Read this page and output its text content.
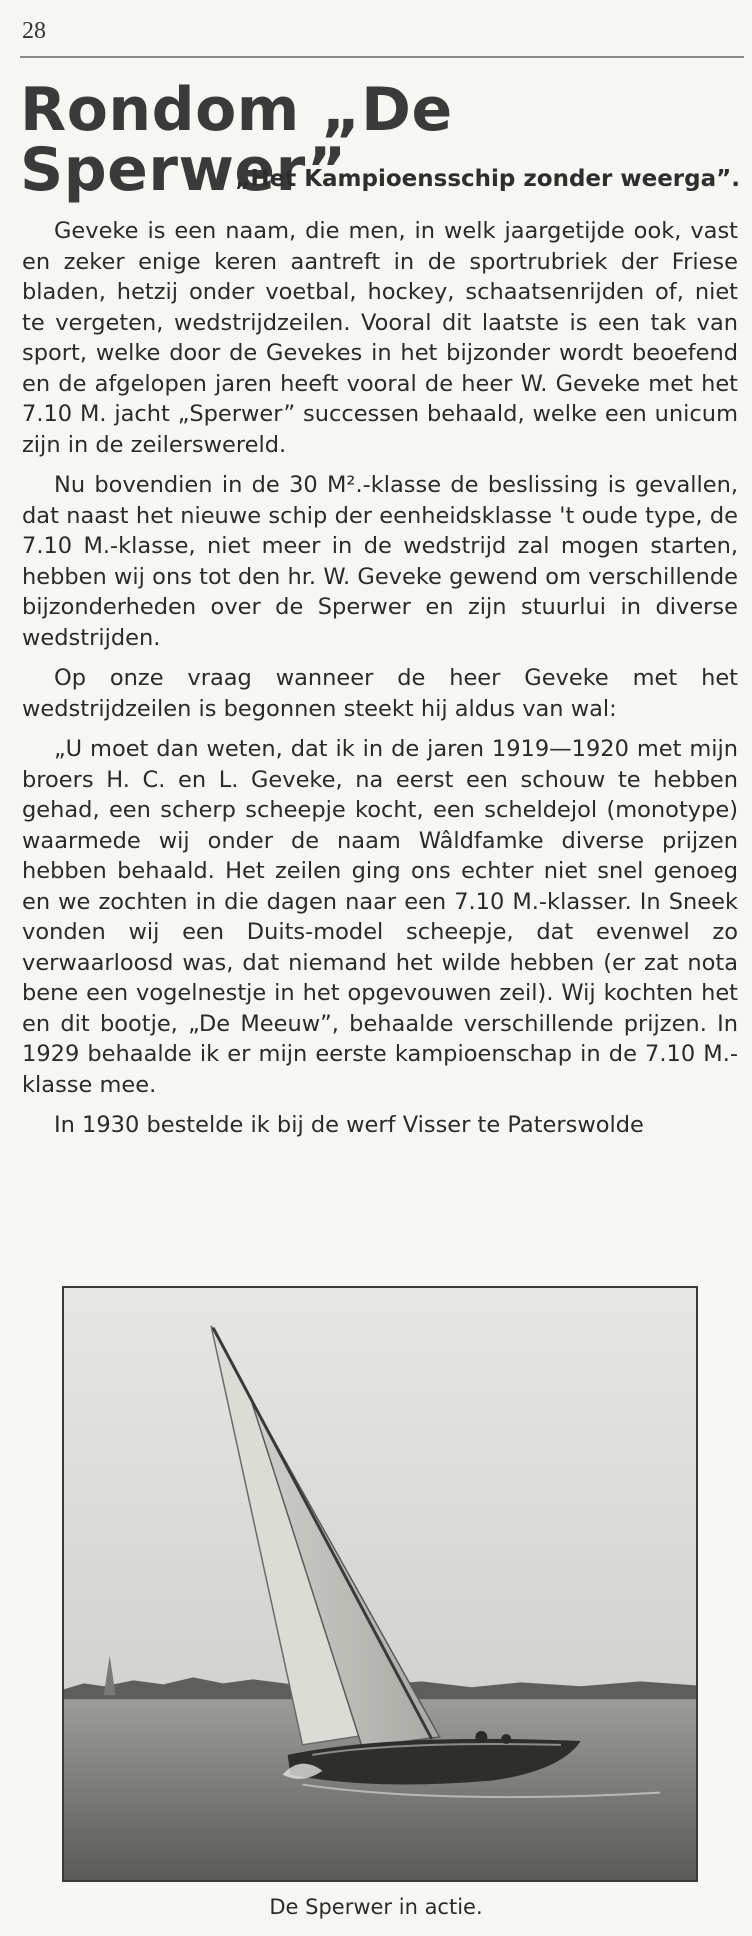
28
Rondom „De Sperwer”
„Het Kampioensschip zonder weerga”.

Geveke is een naam, die men, in welk jaargetijde ook, vast en zeker enige keren aantreft in de sportrubriek der Friese bladen, hetzij onder voetbal, hockey, schaatsenrijden of, niet te vergeten, wedstrijdzeilen. Vooral dit laatste is een tak van sport, welke door de Gevekes in het bijzonder wordt beoefend en de afgelopen jaren heeft vooral de heer W. Geveke met het 7.10 M. jacht „Sperwer” successen behaald, welke een unicum zijn in de zeilerswereld.

Nu bovendien in de 30 M².-klasse de beslissing is gevallen, dat naast het nieuwe schip der eenheidsklasse 't oude type, de 7.10 M.-klasse, niet meer in de wedstrijd zal mogen starten, hebben wij ons tot den hr. W. Geveke gewend om verschillende bijzonderheden over de Sperwer en zijn stuurlui in diverse wedstrijden.

Op onze vraag wanneer de heer Geveke met het wedstrijdzeilen is begonnen steekt hij aldus van wal:

„U moet dan weten, dat ik in de jaren 1919—1920 met mijn broers H. C. en L. Geveke, na eerst een schouw te hebben gehad, een scherp scheepje kocht, een scheldejol (monotype) waarmede wij onder de naam Wâldfamke diverse prijzen hebben behaald. Het zeilen ging ons echter niet snel genoeg en we zochten in die dagen naar een 7.10 M.-klasser. In Sneek vonden wij een Duits-model scheepje, dat evenwel zo verwaarloosd was, dat niemand het wilde hebben (er zat nota bene een vogelnestje in het opgevouwen zeil). Wij kochten het en dit bootje, „De Meeuw”, behaalde verschillende prijzen. In 1929 behaalde ik er mijn eerste kampioenschap in de 7.10 M.-klasse mee.

In 1930 bestelde ik bij de werf Visser te Paterswolde

De Sperwer in actie.
